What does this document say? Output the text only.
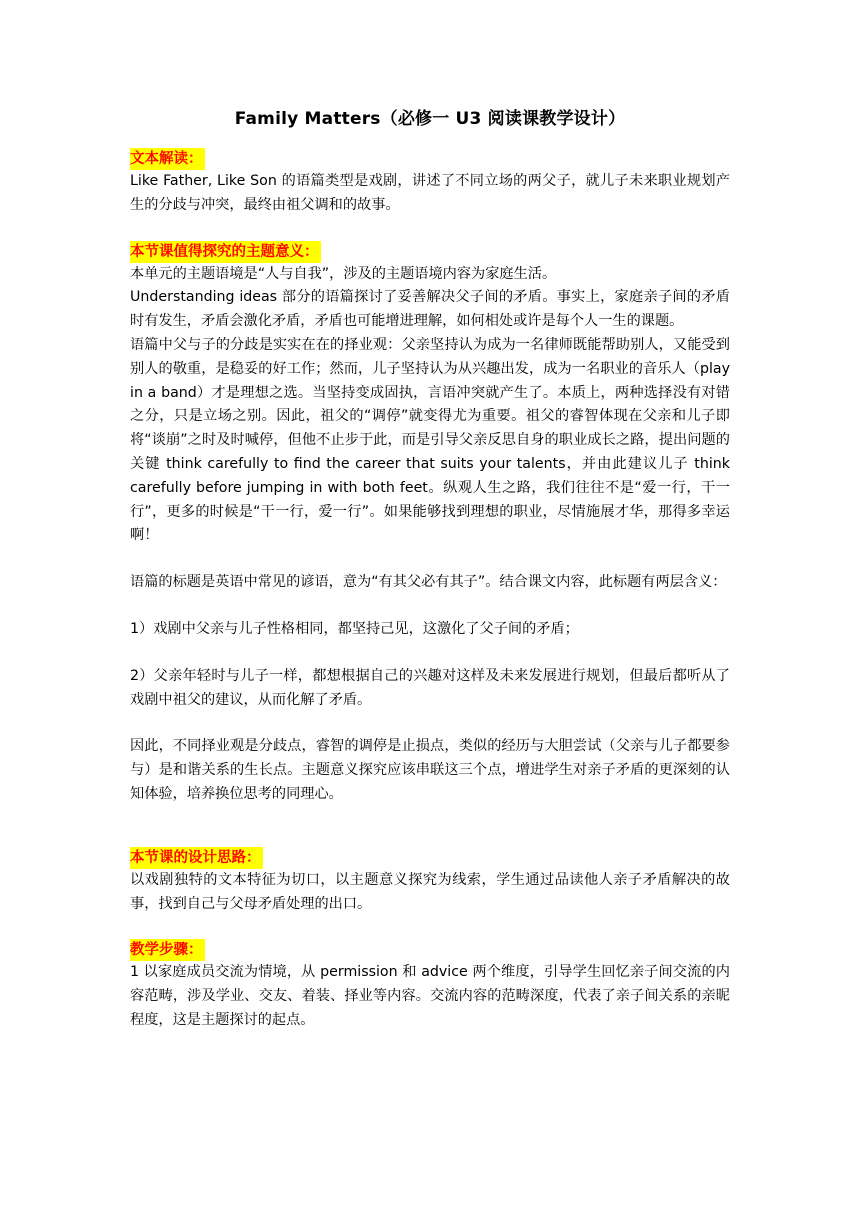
Family Matters（必修一 U3 阅读课教学设计）
文本解读：

Like Father, Like Son 的语篇类型是戏剧，讲述了不同立场的两父子，就儿子未来职业规划产生的分歧与冲突，最终由祖父调和的故事。

本节课值得探究的主题意义：

本单元的主题语境是“人与自我”，涉及的主题语境内容为家庭生活。

Understanding ideas 部分的语篇探讨了妥善解决父子间的矛盾。事实上，家庭亲子间的矛盾时有发生，矛盾会激化矛盾，矛盾也可能增进理解，如何相处或许是每个人一生的课题。

语篇中父与子的分歧是实实在在的择业观：父亲坚持认为成为一名律师既能帮助别人，又能受到别人的敬重，是稳妥的好工作；然而，儿子坚持认为从兴趣出发，成为一名职业的音乐人（play in a band）才是理想之选。当坚持变成固执，言语冲突就产生了。本质上，两种选择没有对错之分，只是立场之别。因此，祖父的“调停”就变得尤为重要。祖父的睿智体现在父亲和儿子即将“谈崩”之时及时喊停，但他不止步于此，而是引导父亲反思自身的职业成长之路，提出问题的关键 think carefully to find the career that suits your talents，并由此建议儿子 think carefully before jumping in with both feet。纵观人生之路，我们往往不是“爱一行，干一行”，更多的时候是“干一行，爱一行”。如果能够找到理想的职业，尽情施展才华，那得多幸运啊！

语篇的标题是英语中常见的谚语，意为“有其父必有其子”。结合课文内容，此标题有两层含义：

1）戏剧中父亲与儿子性格相同，都坚持己见，这激化了父子间的矛盾；

2）父亲年轻时与儿子一样，都想根据自己的兴趣对这样及未来发展进行规划，但最后都听从了戏剧中祖父的建议，从而化解了矛盾。

因此，不同择业观是分歧点，睿智的调停是止损点，类似的经历与大胆尝试（父亲与儿子都要参与）是和谐关系的生长点。主题意义探究应该串联这三个点，增进学生对亲子矛盾的更深刻的认知体验，培养换位思考的同理心。

本节课的设计思路：

以戏剧独特的文本特征为切口，以主题意义探究为线索，学生通过品读他人亲子矛盾解决的故事，找到自己与父母矛盾处理的出口。

教学步骤：

1 以家庭成员交流为情境，从 permission 和 advice 两个维度，引导学生回忆亲子间交流的内容范畴，涉及学业、交友、着装、择业等内容。交流内容的范畴深度，代表了亲子间关系的亲昵程度，这是主题探讨的起点。
